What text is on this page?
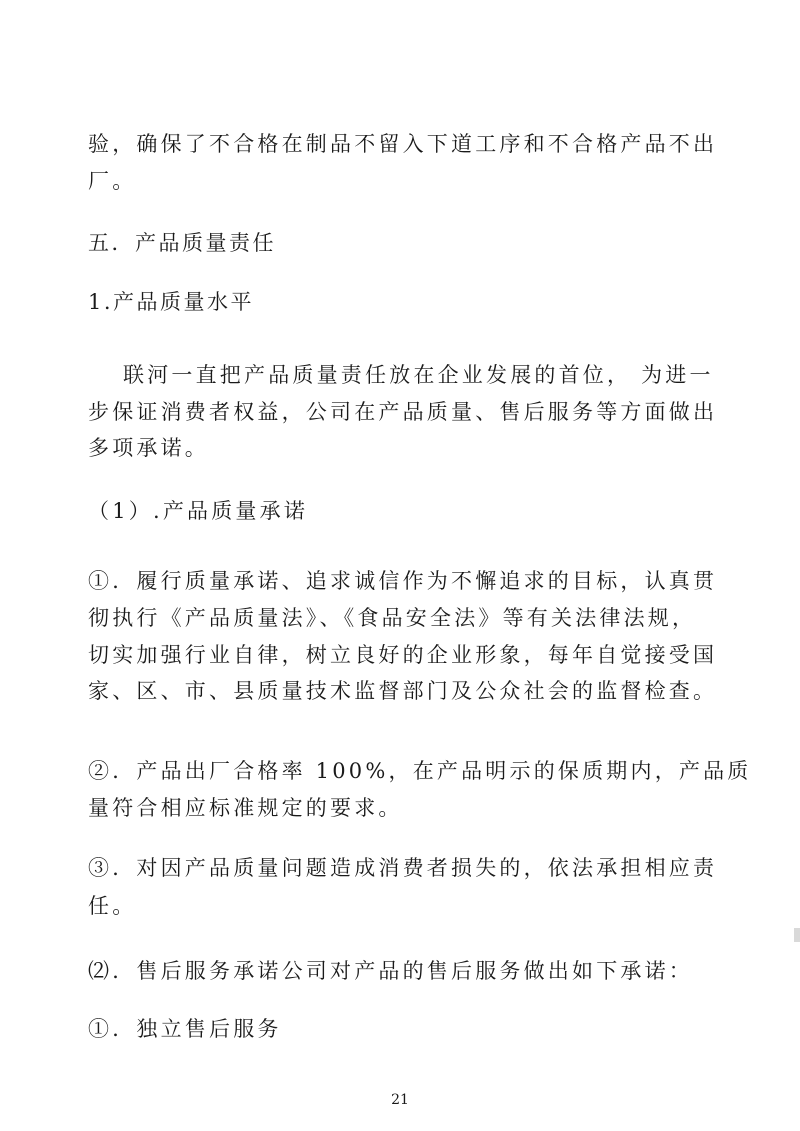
验，确保了不合格在制品不留入下道工序和不合格产品不出
厂。
五．产品质量责任
1.产品质量水平
联河一直把产品质量责任放在企业发展的首位， 为进一
步保证消费者权益，公司在产品质量、售后服务等方面做出
多项承诺。
（1）.产品质量承诺
①．履行质量承诺、追求诚信作为不懈追求的目标，认真贯
彻执行《产品质量法》、《食品安全法》等有关法律法规，
切实加强行业自律，树立良好的企业形象，每年自觉接受国
家、区、市、县质量技术监督部门及公众社会的监督检查。
②．产品出厂合格率 100%，在产品明示的保质期内，产品质
量符合相应标准规定的要求。
③．对因产品质量问题造成消费者损失的，依法承担相应责
任。
⑵．售后服务承诺公司对产品的售后服务做出如下承诺：
①．独立售后服务
21
